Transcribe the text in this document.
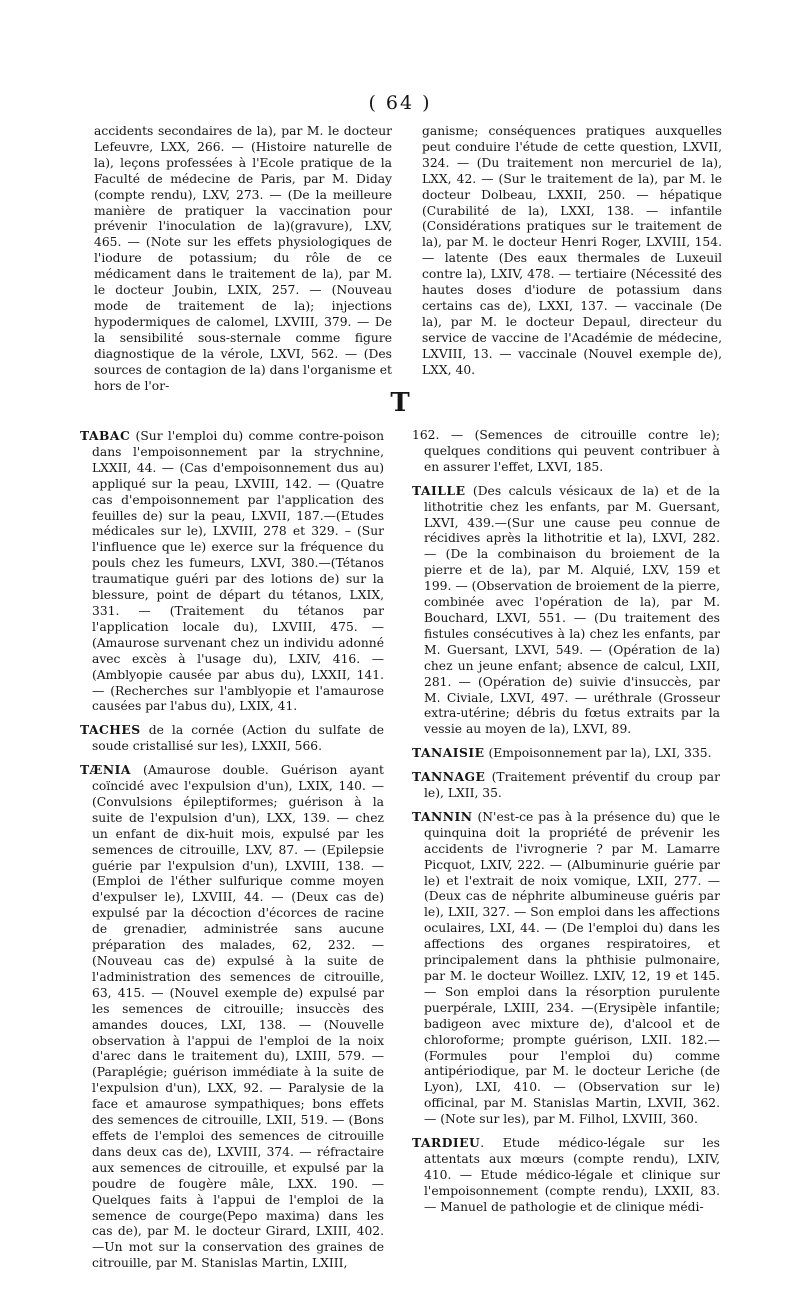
( 64 )
accidents secondaires de la), par M. le docteur Lefeuvre, LXX, 266. — (Histoire naturelle de la), leçons professées à l'Ecole pratique de la Faculté de médecine de Paris, par M. Diday (compte rendu), LXV, 273. — (De la meilleure manière de pratiquer la vaccination pour prévenir l'inoculation de la)(gravure), LXV, 465. — (Note sur les effets physiologiques de l'iodure de potassium; du rôle de ce médicament dans le traitement de la), par M. le docteur Joubin, LXIX, 257. — (Nouveau mode de traitement de la); injections hypodermiques de calomel, LXVIII, 379. — De la sensibilité sous-sternale comme figure diagnostique de la vérole, LXVI, 562. — (Des sources de contagion de la) dans l'organisme et hors de l'or-
ganisme; conséquences pratiques auxquelles peut conduire l'étude de cette question, LXVII, 324. — (Du traitement non mercuriel de la), LXX, 42. — (Sur le traitement de la), par M. le docteur Dolbeau, LXXII, 250. — hépatique (Curabilité de la), LXXI, 138. — infantile (Considérations pratiques sur le traitement de la), par M. le docteur Henri Roger, LXVIII, 154. — latente (Des eaux thermales de Luxeuil contre la), LXIV, 478. — tertiaire (Nécessité des hautes doses d'iodure de potassium dans certains cas de), LXXI, 137. — vaccinale (De la), par M. le docteur Depaul, directeur du service de vaccine de l'Académie de médecine, LXVIII, 13. — vaccinale (Nouvel exemple de), LXX, 40.
T

TABAC (Sur l'emploi du) comme contre-poison dans l'empoisonnement par la strychnine, LXXII, 44. — (Cas d'empoisonnement dus au) appliqué sur la peau, LXVIII, 142. — (Quatre cas d'empoisonnement par l'application des feuilles de) sur la peau, LXVII, 187.—(Etudes médicales sur le), LXVIII, 278 et 329. – (Sur l'influence que le) exerce sur la fréquence du pouls chez les fumeurs, LXVI, 380.—(Tétanos traumatique guéri par des lotions de) sur la blessure, point de départ du tétanos, LXIX, 331. — (Traitement du tétanos par l'application locale du), LXVIII, 475. — (Amaurose survenant chez un individu adonné avec excès à l'usage du), LXIV, 416. — (Amblyopie causée par abus du), LXXII, 141. — (Recherches sur l'amblyopie et l'amaurose causées par l'abus du), LXIX, 41.

TACHES de la cornée (Action du sulfate de soude cristallisé sur les), LXXII, 566.

TÆNIA (Amaurose double. Guérison ayant coïncidé avec l'expulsion d'un), LXIX, 140. — (Convulsions épileptiformes; guérison à la suite de l'expulsion d'un), LXX, 139. — chez un enfant de dix-huit mois, expulsé par les semences de citrouille, LXV, 87. — (Epilepsie guérie par l'expulsion d'un), LXVIII, 138. — (Emploi de l'éther sulfurique comme moyen d'expulser le), LXVIII, 44. — (Deux cas de) expulsé par la décoction d'écorces de racine de grenadier, administrée sans aucune préparation des malades, 62, 232. — (Nouveau cas de) expulsé à la suite de l'administration des semences de citrouille, 63, 415. — (Nouvel exemple de) expulsé par les semences de citrouille; insuccès des amandes douces, LXI, 138. — (Nouvelle observation à l'appui de l'emploi de la noix d'arec dans le traitement du), LXIII, 579. — (Paraplégie; guérison immédiate à la suite de l'expulsion d'un), LXX, 92. — Paralysie de la face et amaurose sympathiques; bons effets des semences de citrouille, LXII, 519. — (Bons effets de l'emploi des semences de citrouille dans deux cas de), LXVIII, 374. — réfractaire aux semences de citrouille, et expulsé par la poudre de fougère mâle, LXX. 190. — Quelques faits à l'appui de l'emploi de la semence de courge(Pepo maxima) dans les cas de), par M. le docteur Girard, LXIII, 402.—Un mot sur la conservation des graines de citrouille, par M. Stanislas Martin, LXIII,

162. — (Semences de citrouille contre le); quelques conditions qui peuvent contribuer à en assurer l'effet, LXVI, 185.

TAILLE (Des calculs vésicaux de la) et de la lithotritie chez les enfants, par M. Guersant, LXVI, 439.—(Sur une cause peu connue de récidives après la lithotritie et la), LXVI, 282. — (De la combinaison du broiement de la pierre et de la), par M. Alquié, LXV, 159 et 199. — (Observation de broiement de la pierre, combinée avec l'opération de la), par M. Bouchard, LXVI, 551. — (Du traitement des fistules consécutives à la) chez les enfants, par M. Guersant, LXVI, 549. — (Opération de la) chez un jeune enfant; absence de calcul, LXII, 281. — (Opération de) suivie d'insuccès, par M. Civiale, LXVI, 497. — uréthrale (Grosseur extra-utérine; débris du fœtus extraits par la vessie au moyen de la), LXVI, 89.

TANAISIE (Empoisonnement par la), LXI, 335.

TANNAGE (Traitement préventif du croup par le), LXII, 35.

TANNIN (N'est-ce pas à la présence du) que le quinquina doit la propriété de prévenir les accidents de l'ivrognerie ? par M. Lamarre Picquot, LXIV, 222. — (Albuminurie guérie par le) et l'extrait de noix vomique, LXII, 277. — (Deux cas de néphrite albumineuse guéris par le), LXII, 327. — Son emploi dans les affections oculaires, LXI, 44. — (De l'emploi du) dans les affections des organes respiratoires, et principalement dans la phthisie pulmonaire, par M. le docteur Woillez. LXIV, 12, 19 et 145. — Son emploi dans la résorption purulente puerpérale, LXIII, 234. —(Erysipèle infantile; badigeon avec mixture de), d'alcool et de chloroforme; prompte guérison, LXII. 182.—(Formules pour l'emploi du) comme antipériodique, par M. le docteur Leriche (de Lyon), LXI, 410. — (Observation sur le) officinal, par M. Stanislas Martin, LXVII, 362. — (Note sur les), par M. Filhol, LXVIII, 360.

TARDIEU. Etude médico-légale sur les attentats aux mœurs (compte rendu), LXIV, 410. — Etude médico-légale et clinique sur l'empoisonnement (compte rendu), LXXII, 83.— Manuel de pathologie et de clinique médi-
